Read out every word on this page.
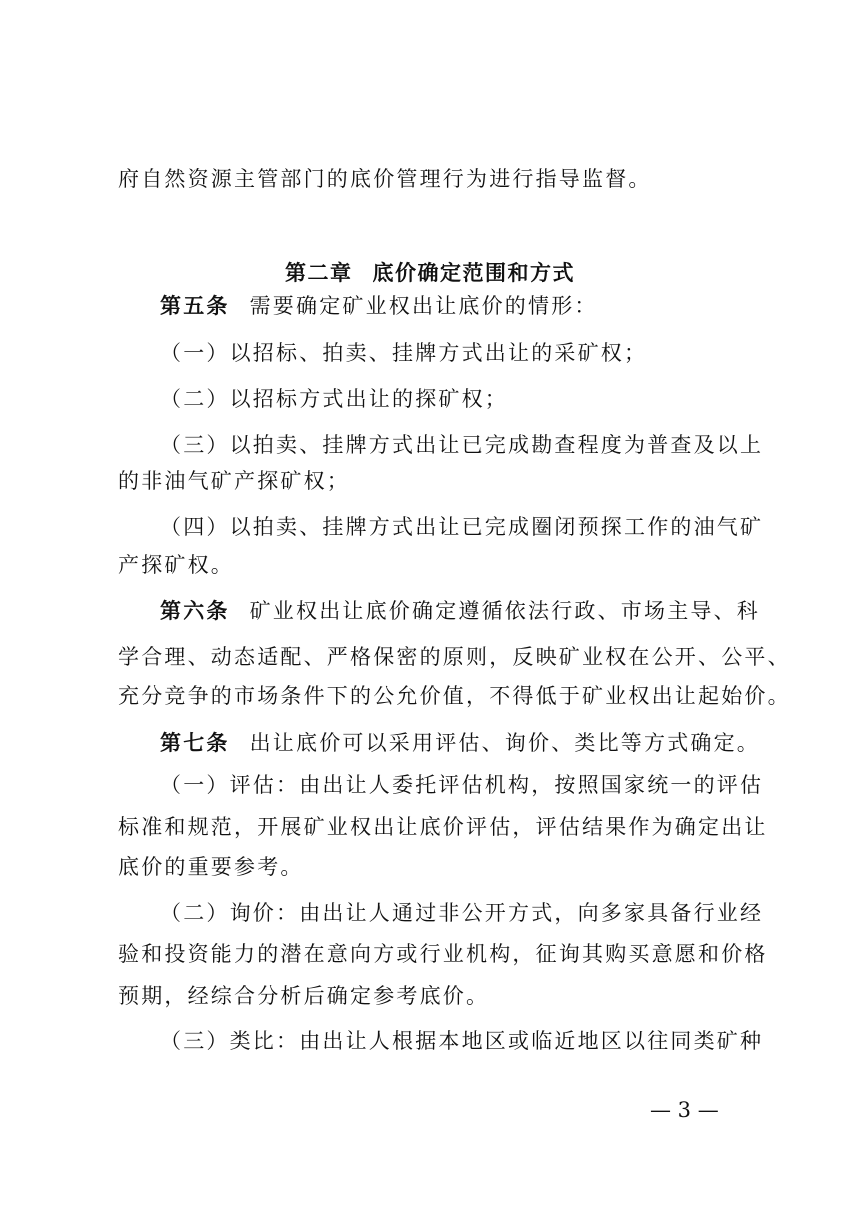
府自然资源主管部门的底价管理行为进行指导监督。
第二章 底价确定范围和方式
第五条 需要确定矿业权出让底价的情形：
（一）以招标、拍卖、挂牌方式出让的采矿权；
（二）以招标方式出让的探矿权；
（三）以拍卖、挂牌方式出让已完成勘查程度为普查及以上
的非油气矿产探矿权；
（四）以拍卖、挂牌方式出让已完成圈闭预探工作的油气矿
产探矿权。
第六条 矿业权出让底价确定遵循依法行政、市场主导、科
学合理、动态适配、严格保密的原则，反映矿业权在公开、公平、
充分竞争的市场条件下的公允价值，不得低于矿业权出让起始价。
第七条 出让底价可以采用评估、询价、类比等方式确定。
（一）评估：由出让人委托评估机构，按照国家统一的评估
标准和规范，开展矿业权出让底价评估，评估结果作为确定出让
底价的重要参考。
（二）询价：由出让人通过非公开方式，向多家具备行业经
验和投资能力的潜在意向方或行业机构，征询其购买意愿和价格
预期，经综合分析后确定参考底价。
（三）类比：由出让人根据本地区或临近地区以往同类矿种
— 3 —
